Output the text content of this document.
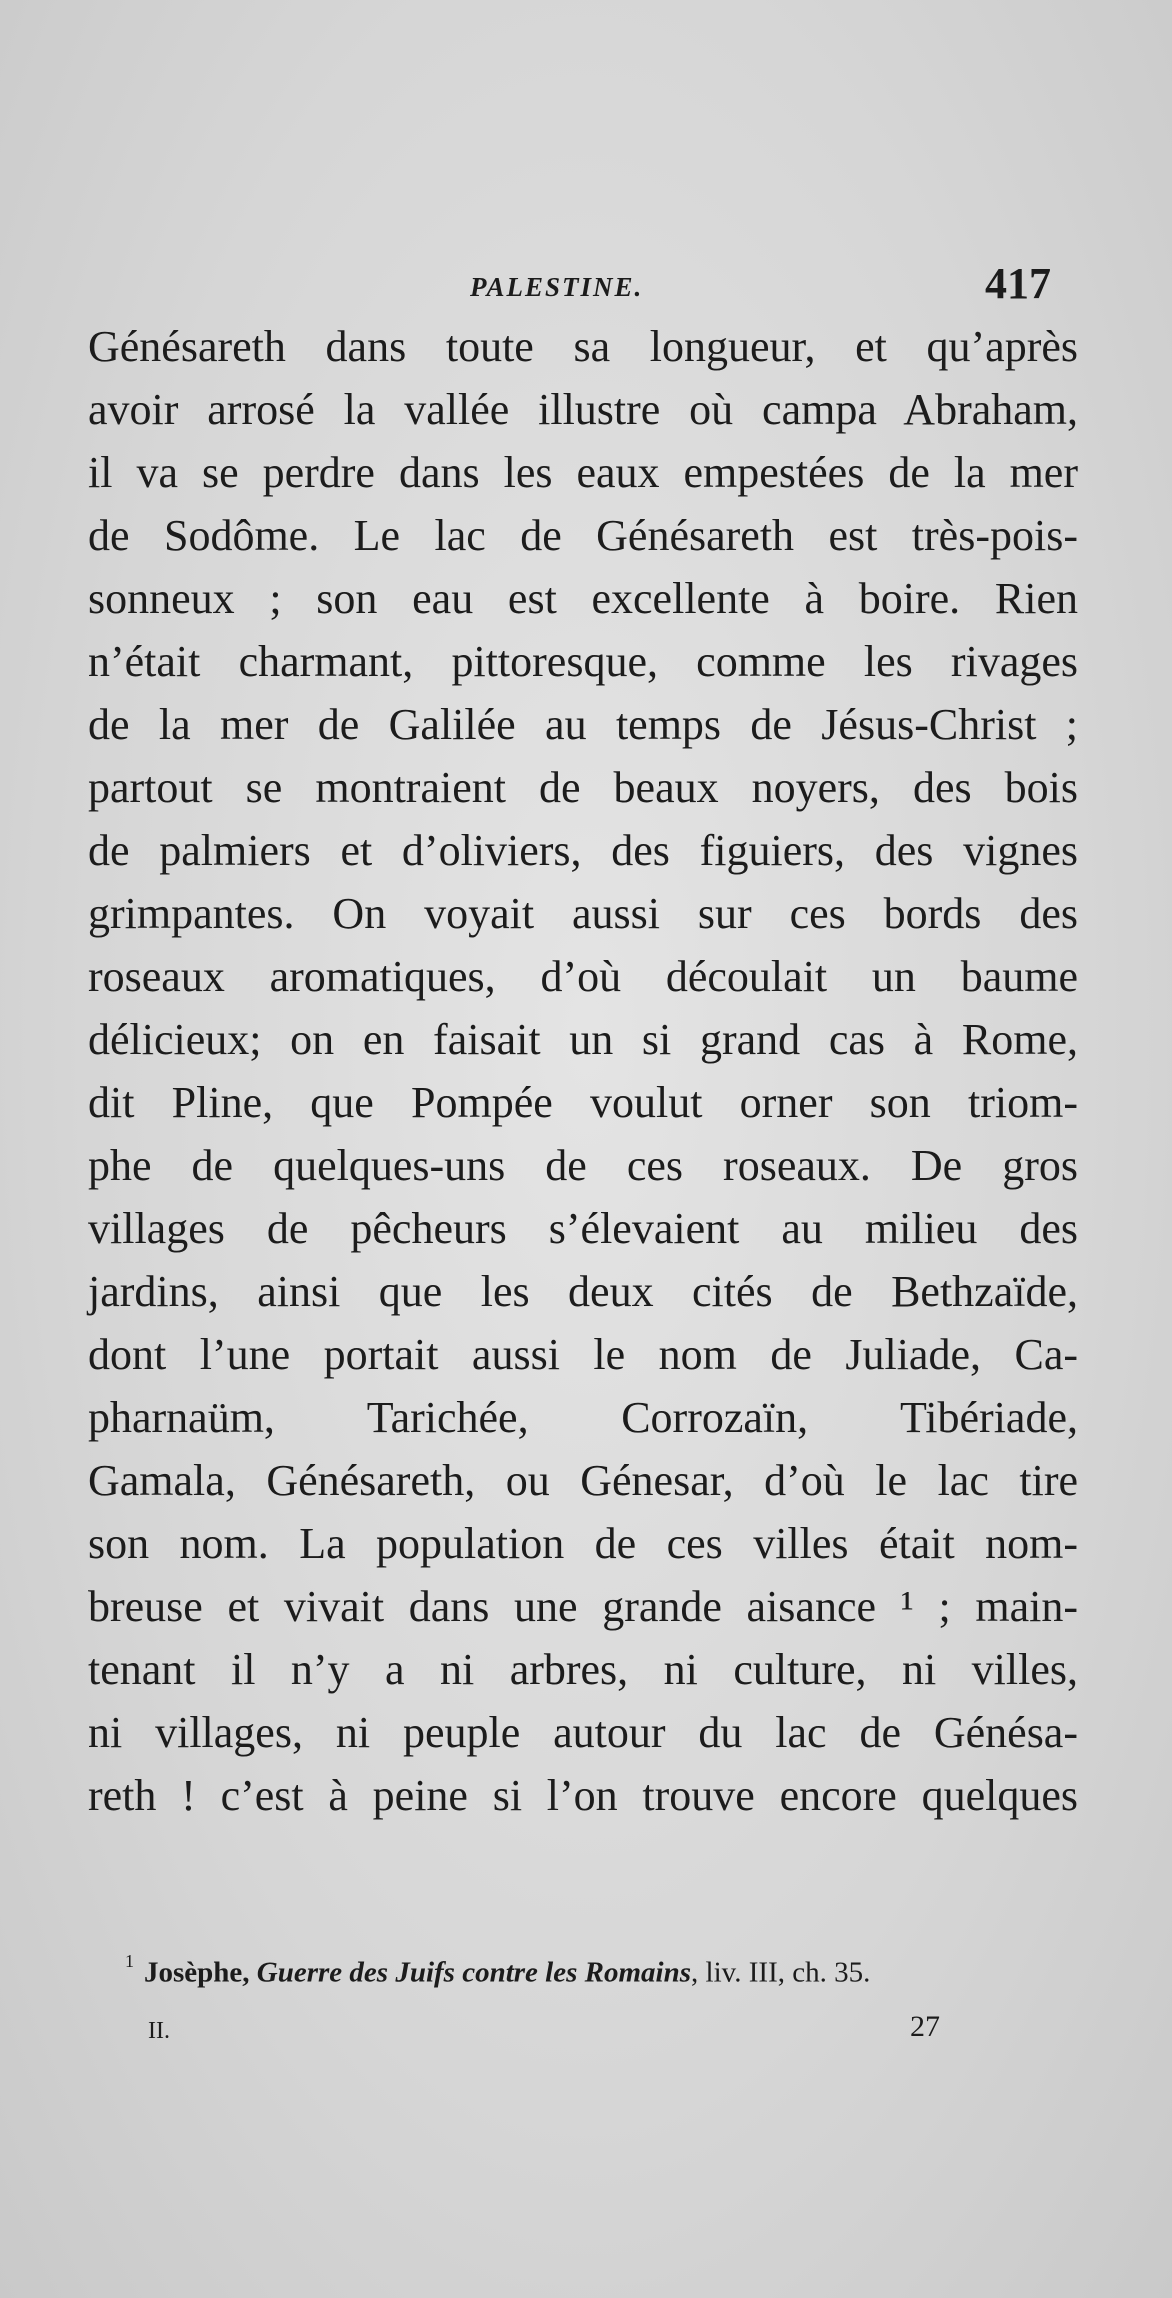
PALESTINE.	417
Génésareth dans toute sa longueur, et qu’après
avoir arrosé la vallée illustre où campa Abraham,
il va se perdre dans les eaux empestées de la mer
de Sodôme. Le lac de Génésareth est très-pois-
sonneux ; son eau est excellente à boire. Rien
n’était charmant, pittoresque, comme les rivages
de la mer de Galilée au temps de Jésus-Christ ;
partout se montraient de beaux noyers, des bois
de palmiers et d’oliviers, des figuiers, des vignes
grimpantes. On voyait aussi sur ces bords des
roseaux aromatiques, d’où découlait un baume
délicieux; on en faisait un si grand cas à Rome,
dit Pline, que Pompée voulut orner son triom-
phe de quelques-uns de ces roseaux. De gros
villages de pêcheurs s’élevaient au milieu des
jardins, ainsi que les deux cités de Bethzaïde,
dont l’une portait aussi le nom de Juliade, Ca-
pharnaüm, Tarichée, Corrozaïn, Tibériade,
Gamala, Génésareth, ou Génesar, d’où le lac tire
son nom. La population de ces villes était nom-
breuse et vivait dans une grande aisance ¹ ; main-
tenant il n’y a ni arbres, ni culture, ni villes,
ni villages, ni peuple autour du lac de Génésa-
reth ! c’est à peine si l’on trouve encore quelques
$^1$ Josèphe, Guerre des Juifs contre les Romains, liv. III, ch. 35.
II.	27
